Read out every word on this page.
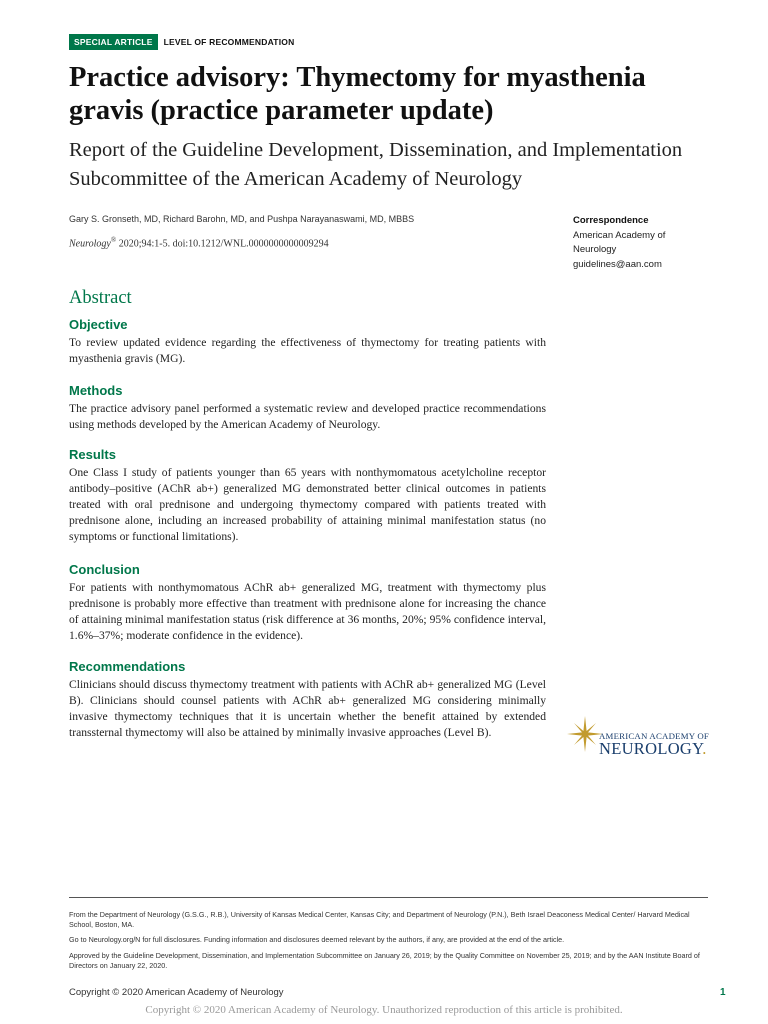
SPECIAL ARTICLE	LEVEL OF RECOMMENDATION
Practice advisory: Thymectomy for myasthenia gravis (practice parameter update)
Report of the Guideline Development, Dissemination, and Implementation Subcommittee of the American Academy of Neurology
Gary S. Gronseth, MD, Richard Barohn, MD, and Pushpa Narayanaswami, MD, MBBS
Neurology® 2020;94:1-5. doi:10.1212/WNL.0000000000009294
Correspondence
American Academy of
Neurology
guidelines@aan.com
Abstract
Objective

To review updated evidence regarding the effectiveness of thymectomy for treating patients with myasthenia gravis (MG).

Methods

The practice advisory panel performed a systematic review and developed practice recommendations using methods developed by the American Academy of Neurology.

Results

One Class I study of patients younger than 65 years with nonthymomatous acetylcholine receptor antibody–positive (AChR ab+) generalized MG demonstrated better clinical outcomes in patients treated with oral prednisone and undergoing thymectomy compared with patients treated with prednisone alone, including an increased probability of attaining minimal manifestation status (no symptoms or functional limitations).

Conclusion

For patients with nonthymomatous AChR ab+ generalized MG, treatment with thymectomy plus prednisone is probably more effective than treatment with prednisone alone for increasing the chance of attaining minimal manifestation status (risk difference at 36 months, 20%; 95% confidence interval, 1.6%–37%; moderate confidence in the evidence).

Recommendations

Clinicians should discuss thymectomy treatment with patients with AChR ab+ generalized MG (Level B). Clinicians should counsel patients with AChR ab+ generalized MG considering minimally invasive thymectomy techniques that it is uncertain whether the benefit attained by extended transsternal thymectomy will also be attained by minimally invasive approaches (Level B).	AMERICAN ACADEMY OF
NEUROLOGY.
From the Department of Neurology (G.S.G., R.B.), University of Kansas Medical Center, Kansas City; and Department of Neurology (P.N.), Beth Israel Deaconess Medical Center/ Harvard Medical School, Boston, MA.
Go to Neurology.org/N for full disclosures. Funding information and disclosures deemed relevant by the authors, if any, are provided at the end of the article.
Approved by the Guideline Development, Dissemination, and Implementation Subcommittee on January 26, 2019; by the Quality Committee on November 25, 2019; and by the AAN Institute Board of Directors on January 22, 2020.
Copyright © 2020 American Academy of Neurology	1
Copyright © 2020 American Academy of Neurology. Unauthorized reproduction of this article is prohibited.
